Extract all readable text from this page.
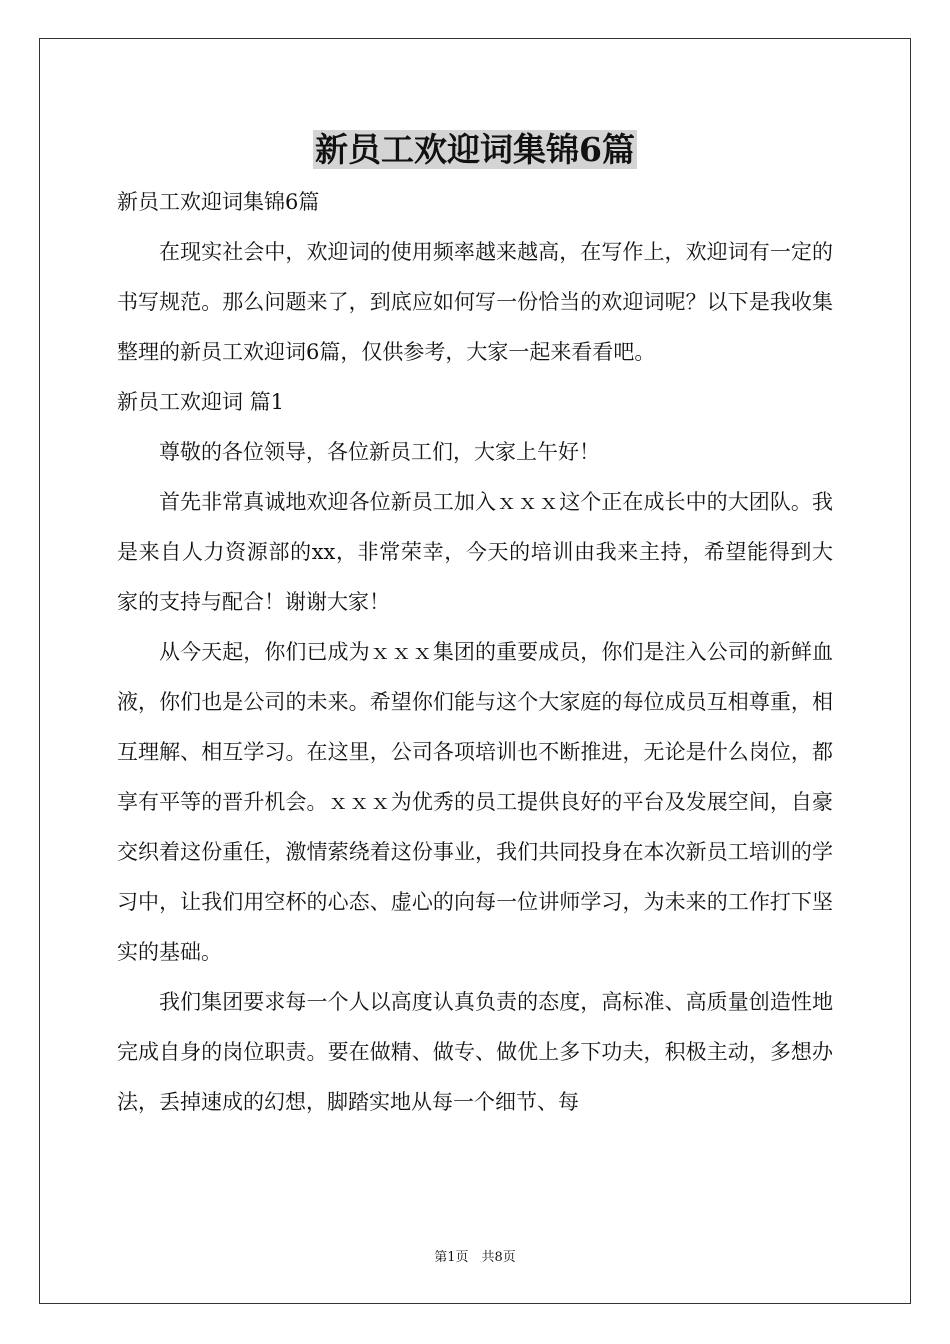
新员工欢迎词集锦6篇

新员工欢迎词集锦6篇

在现实社会中，欢迎词的使用频率越来越高，在写作上，欢迎词有一定的书写规范。那么问题来了，到底应如何写一份恰当的欢迎词呢？以下是我收集整理的新员工欢迎词6篇，仅供参考，大家一起来看看吧。

新员工欢迎词 篇1

尊敬的各位领导，各位新员工们，大家上午好！

首先非常真诚地欢迎各位新员工加入ｘｘｘ这个正在成长中的大团队。我是来自人力资源部的xx，非常荣幸，今天的培训由我来主持，希望能得到大家的支持与配合！谢谢大家！

从今天起，你们已成为ｘｘｘ集团的重要成员，你们是注入公司的新鲜血液，你们也是公司的未来。希望你们能与这个大家庭的每位成员互相尊重，相互理解、相互学习。在这里，公司各项培训也不断推进，无论是什么岗位，都享有平等的晋升机会。ｘｘｘ为优秀的员工提供良好的平台及发展空间，自豪交织着这份重任，激情萦绕着这份事业，我们共同投身在本次新员工培训的学习中，让我们用空杯的心态、虚心的向每一位讲师学习，为未来的工作打下坚实的基础。

我们集团要求每一个人以高度认真负责的态度，高标准、高质量创造性地完成自身的岗位职责。要在做精、做专、做优上多下功夫，积极主动，多想办法，丢掉速成的幻想，脚踏实地从每一个细节、每

第1页　共8页
